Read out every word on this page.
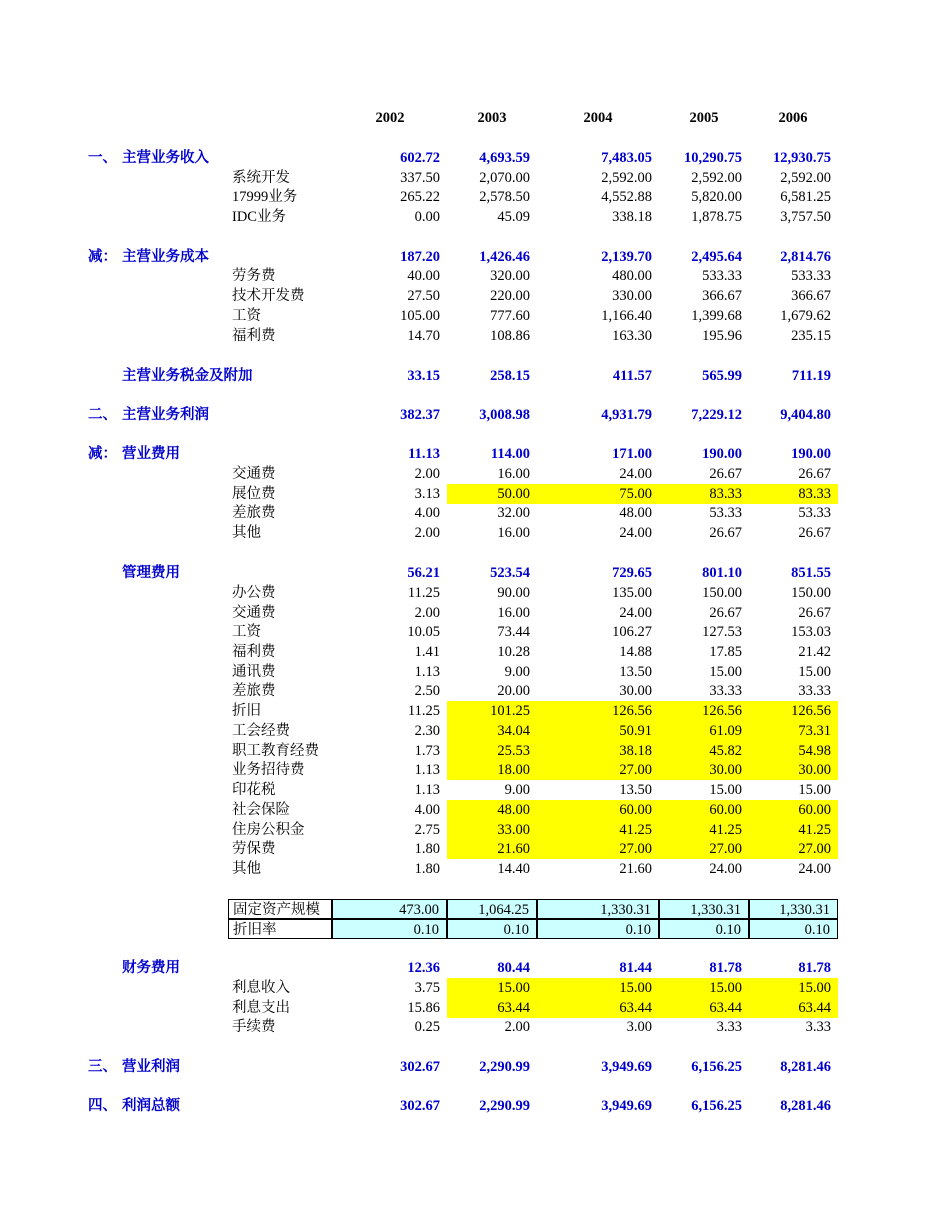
2002	2003	2004	2005	2006
一、 主营业务收入	602.72	4,693.59	7,483.05	10,290.75	12,930.75
系统开发	337.50	2,070.00	2,592.00	2,592.00	2,592.00
17999业务	265.22	2,578.50	4,552.88	5,820.00	6,581.25
IDC业务	0.00	45.09	338.18	1,878.75	3,757.50
减： 主营业务成本	187.20	1,426.46	2,139.70	2,495.64	2,814.76
劳务费	40.00	320.00	480.00	533.33	533.33
技术开发费	27.50	220.00	330.00	366.67	366.67
工资	105.00	777.60	1,166.40	1,399.68	1,679.62
福利费	14.70	108.86	163.30	195.96	235.15
主营业务税金及附加	33.15	258.15	411.57	565.99	711.19
二、 主营业务利润	382.37	3,008.98	4,931.79	7,229.12	9,404.80
减： 营业费用	11.13	114.00	171.00	190.00	190.00
交通费	2.00	16.00	24.00	26.67	26.67
展位费	3.13	50.00	75.00	83.33	83.33
差旅费	4.00	32.00	48.00	53.33	53.33
其他	2.00	16.00	24.00	26.67	26.67
管理费用	56.21	523.54	729.65	801.10	851.55
办公费	11.25	90.00	135.00	150.00	150.00
交通费	2.00	16.00	24.00	26.67	26.67
工资	10.05	73.44	106.27	127.53	153.03
福利费	1.41	10.28	14.88	17.85	21.42
通讯费	1.13	9.00	13.50	15.00	15.00
差旅费	2.50	20.00	30.00	33.33	33.33
折旧	11.25	101.25	126.56	126.56	126.56
工会经费	2.30	34.04	50.91	61.09	73.31
职工教育经费	1.73	25.53	38.18	45.82	54.98
业务招待费	1.13	18.00	27.00	30.00	30.00
印花税	1.13	9.00	13.50	15.00	15.00
社会保险	4.00	48.00	60.00	60.00	60.00
住房公积金	2.75	33.00	41.25	41.25	41.25
劳保费	1.80	21.60	27.00	27.00	27.00
其他	1.80	14.40	21.60	24.00	24.00
固定资产规模	473.00	1,064.25	1,330.31	1,330.31	1,330.31
折旧率	0.10	0.10	0.10	0.10	0.10
财务费用	12.36	80.44	81.44	81.78	81.78
利息收入	3.75	15.00	15.00	15.00	15.00
利息支出	15.86	63.44	63.44	63.44	63.44
手续费	0.25	2.00	3.00	3.33	3.33
三、 营业利润	302.67	2,290.99	3,949.69	6,156.25	8,281.46
四、 利润总额	302.67	2,290.99	3,949.69	6,156.25	8,281.46
